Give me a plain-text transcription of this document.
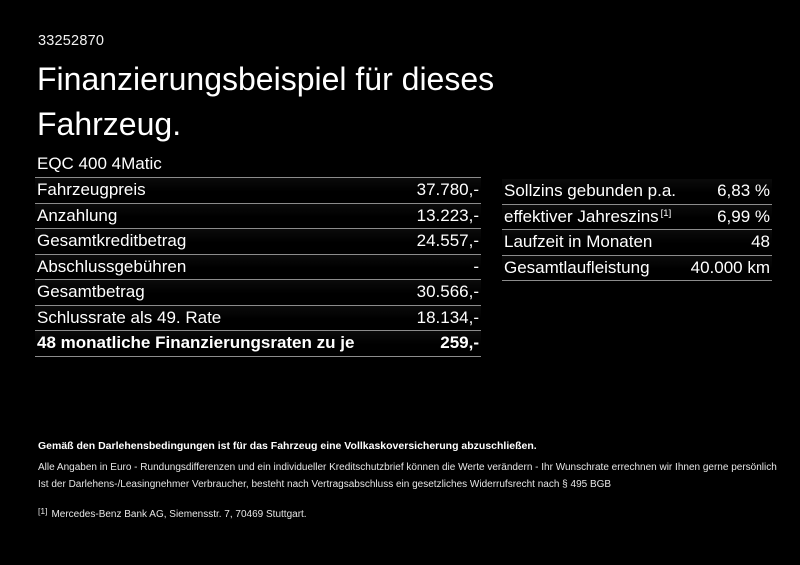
33252870
Finanzierungsbeispiel für dieses
Fahrzeug.
EQC 400 4Matic
Fahrzeugpreis	37.780,-
Anzahlung	13.223,-
Gesamtkreditbetrag	24.557,-
Abschlussgebühren	-
Gesamtbetrag	30.566,-
Schlussrate als 49. Rate	18.134,-
48 monatliche Finanzierungsraten zu je	259,-
Sollzins gebunden p.a. 6,83 %
effektiver Jahreszins [1]	6,99 %
Laufzeit in Monaten	48
Gesamtlaufleistung 40.000 km
Gemäß den Darlehensbedingungen ist für das Fahrzeug eine Vollkaskoversicherung abzuschließen.
Alle Angaben in Euro - Rundungsdifferenzen und ein individueller Kreditschutzbrief können die Werte verändern - Ihr Wunschrate errechnen wir Ihnen gerne persönlich
Ist der Darlehens-/Leasingnehmer Verbraucher, besteht nach Vertragsabschluss ein gesetzliches Widerrufsrecht nach § 495 BGB
[1] Mercedes-Benz Bank AG, Siemensstr. 7, 70469 Stuttgart.
